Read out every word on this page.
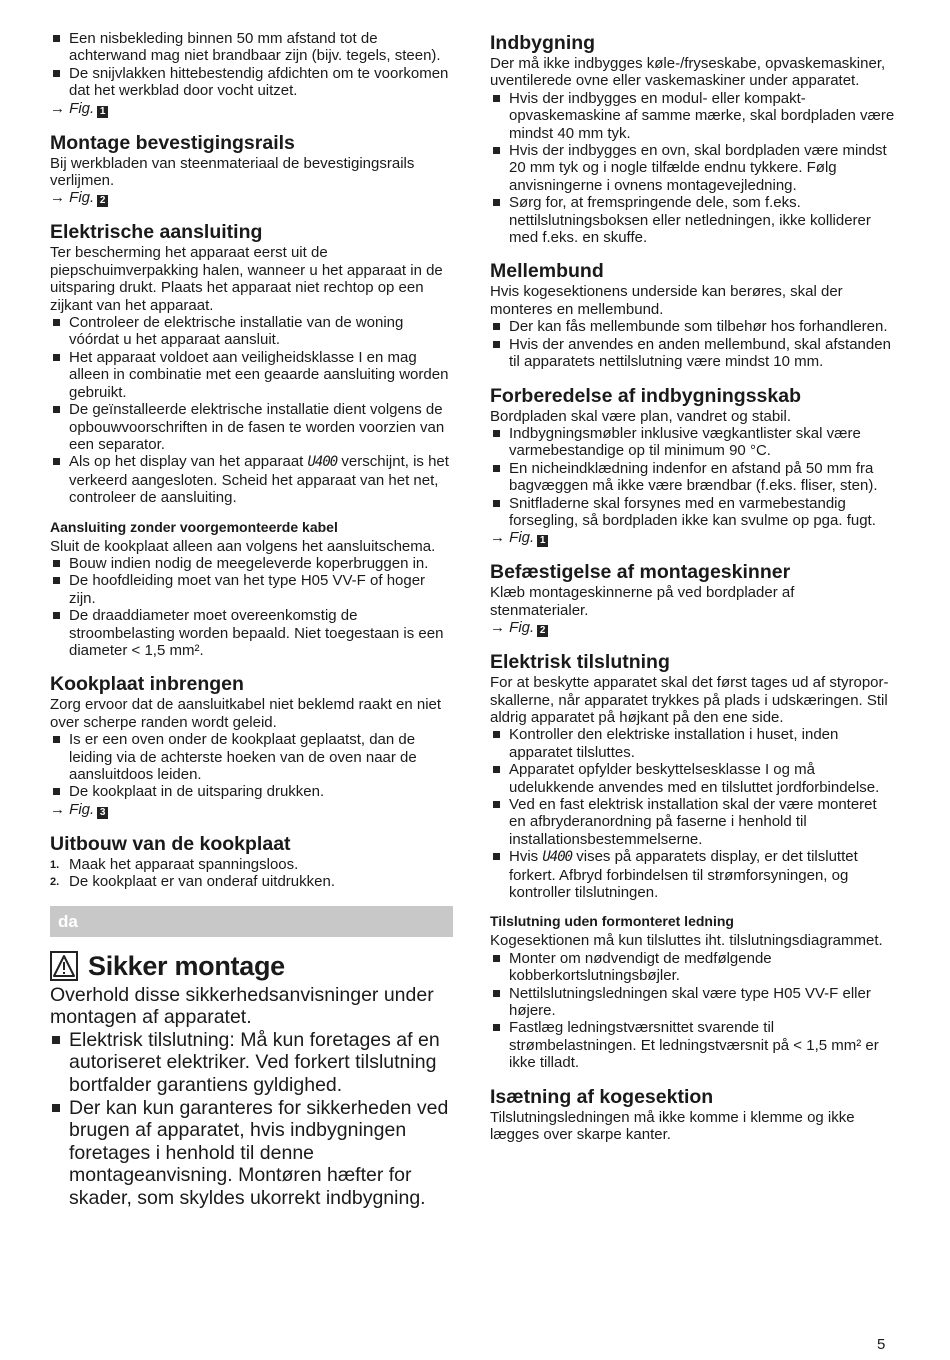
Een nisbekleding binnen 50 mm afstand tot de achterwand mag niet brandbaar zijn (bijv. tegels, steen).
De snijvlakken hittebestendig afdichten om te voorkomen dat het werkblad door vocht uitzet.
→ Fig. 1
Montage bevestigingsrails

Bij werkbladen van steenmateriaal de bevestigingsrails verlijmen.

→ Fig. 2
Elektrische aansluiting

Ter bescherming het apparaat eerst uit de piepschuimverpakking halen, wanneer u het apparaat in de uitsparing drukt. Plaats het apparaat niet rechtop op een zijkant van het apparaat.

Controleer de elektrische installatie van de woning vóórdat u het apparaat aansluit.
Het apparaat voldoet aan veiligheidsklasse I en mag alleen in combinatie met een geaarde aansluiting worden gebruikt.
De geïnstalleerde elektrische installatie dient volgens de opbouwvoorschriften in de fasen te worden voorzien van een separator.
Als op het display van het apparaat U400 verschijnt, is het verkeerd aangesloten. Scheid het apparaat van het net, controleer de aansluiting.
Aansluiting zonder voorgemonteerde kabel

Sluit de kookplaat alleen aan volgens het aansluitschema.

Bouw indien nodig de meegeleverde koperbruggen in.
De hoofdleiding moet van het type H05 VV-F of hoger zijn.
De draaddiameter moet overeenkomstig de stroombelasting worden bepaald. Niet toegestaan is een diameter < 1,5 mm².
Kookplaat inbrengen

Zorg ervoor dat de aansluitkabel niet beklemd raakt en niet over scherpe randen wordt geleid.

Is er een oven onder de kookplaat geplaatst, dan de leiding via de achterste hoeken van de oven naar de aansluitdoos leiden.
De kookplaat in de uitsparing drukken.
→ Fig. 3
Uitbouw van de kookplaat
1. Maak het apparaat spanningsloos.
2. De kookplaat er van onderaf uitdrukken.
da
Sikker montage

Overhold disse sikkerhedsanvisninger under montagen af apparatet.

Elektrisk tilslutning: Må kun foretages af en autoriseret elektriker. Ved forkert tilslutning bortfalder garantiens gyldighed.
Der kan kun garanteres for sikkerheden ved brugen af apparatet, hvis indbygningen foretages i henhold til denne montageanvisning. Montøren hæfter for skader, som skyldes ukorrekt indbygning.
Indbygning

Der må ikke indbygges køle-/fryseskabe, opvaskemaskiner, uventilerede ovne eller vaskemaskiner under apparatet.

Hvis der indbygges en modul- eller kompakt-opvaskemaskine af samme mærke, skal bordpladen være mindst 40 mm tyk.
Hvis der indbygges en ovn, skal bordpladen være mindst 20 mm tyk og i nogle tilfælde endnu tykkere. Følg anvisningerne i ovnens montagevejledning.
Sørg for, at fremspringende dele, som f.eks. nettilslutningsboksen eller netledningen, ikke kolliderer med f.eks. en skuffe.
Mellembund

Hvis kogesektionens underside kan berøres, skal der monteres en mellembund.

Der kan fås mellembunde som tilbehør hos forhandleren.
Hvis der anvendes en anden mellembund, skal afstanden til apparatets nettilslutning være mindst 10 mm.
Forberedelse af indbygningsskab

Bordpladen skal være plan, vandret og stabil.

Indbygningsmøbler inklusive vægkantlister skal være varmebestandige op til minimum 90 °C.
En nicheindklædning indenfor en afstand på 50 mm fra bagvæggen må ikke være brændbar (f.eks. fliser, sten).
Snitfladerne skal forsynes med en varmebestandig forsegling, så bordpladen ikke kan svulme op pga. fugt.
→ Fig. 1
Befæstigelse af montageskinner

Klæb montageskinnerne på ved bordplader af stenmaterialer.

→ Fig. 2
Elektrisk tilslutning

For at beskytte apparatet skal det først tages ud af styropor-skallerne, når apparatet trykkes på plads i udskæringen. Stil aldrig apparatet på højkant på den ene side.

Kontroller den elektriske installation i huset, inden apparatet tilsluttes.
Apparatet opfylder beskyttelsesklasse I og må udelukkende anvendes med en tilsluttet jordforbindelse.
Ved en fast elektrisk installation skal der være monteret en afbryderanordning på faserne i henhold til installationsbestemmelserne.
Hvis U400 vises på apparatets display, er det tilsluttet forkert. Afbryd forbindelsen til strømforsyningen, og kontroller tilslutningen.
Tilslutning uden formonteret ledning

Kogesektionen må kun tilsluttes iht. tilslutningsdiagrammet.

Monter om nødvendigt de medfølgende kobberkortslutningsbøjler.
Nettilslutningsledningen skal være type H05 VV-F eller højere.
Fastlæg ledningstværsnittet svarende til strømbelastningen. Et ledningstværsnit på < 1,5 mm² er ikke tilladt.
Isætning af kogesektion

Tilslutningsledningen må ikke komme i klemme og ikke lægges over skarpe kanter.

5
